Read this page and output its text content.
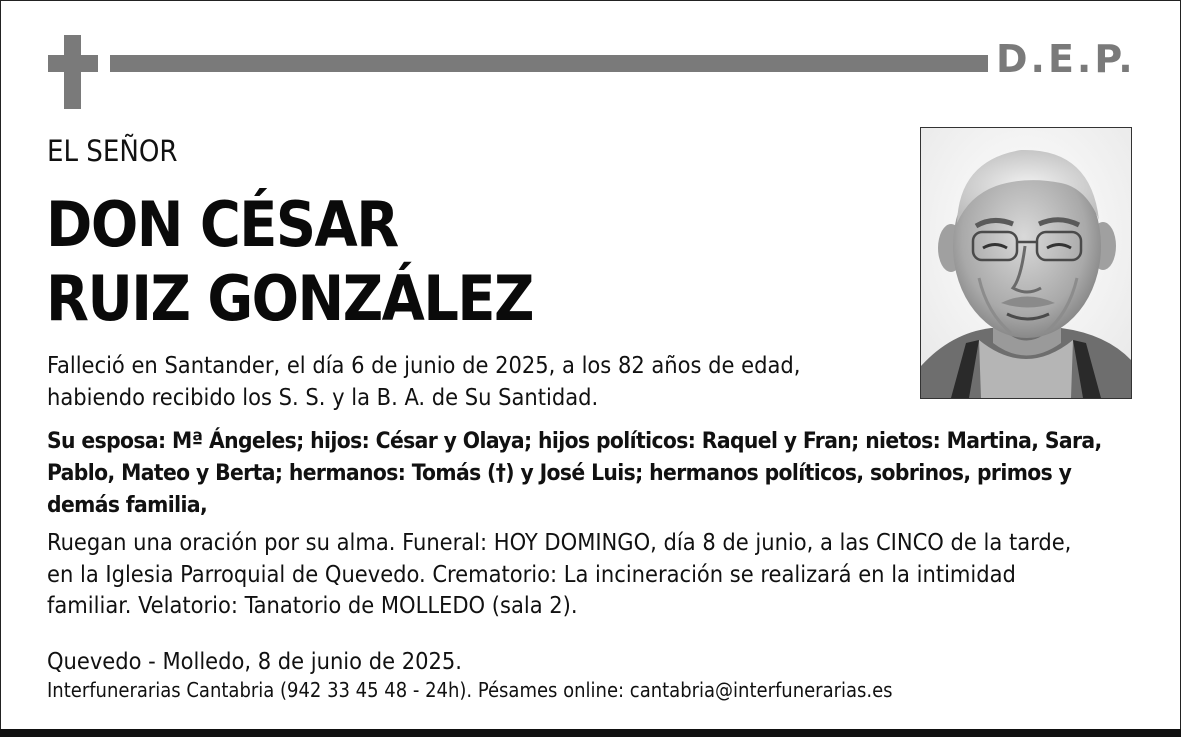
D.E.P.
EL SEÑOR
DON CÉSAR
RUIZ GONZÁLEZ
Falleció en Santander, el día 6 de junio de 2025, a los 82 años de edad,
habiendo recibido los S. S. y la B. A. de Su Santidad.
Su esposa: Mª Ángeles; hijos: César y Olaya; hijos políticos: Raquel y Fran; nietos: Martina, Sara,
Pablo, Mateo y Berta; hermanos: Tomás (†) y José Luis; hermanos políticos, sobrinos, primos y
demás familia,
Ruegan una oración por su alma. Funeral: HOY DOMINGO, día 8 de junio, a las CINCO de la tarde,
en la Iglesia Parroquial de Quevedo. Crematorio: La incineración se realizará en la intimidad
familiar. Velatorio: Tanatorio de MOLLEDO (sala 2).
Quevedo - Molledo, 8 de junio de 2025.
Interfunerarias Cantabria (942 33 45 48 - 24h). Pésames online: cantabria@interfunerarias.es
